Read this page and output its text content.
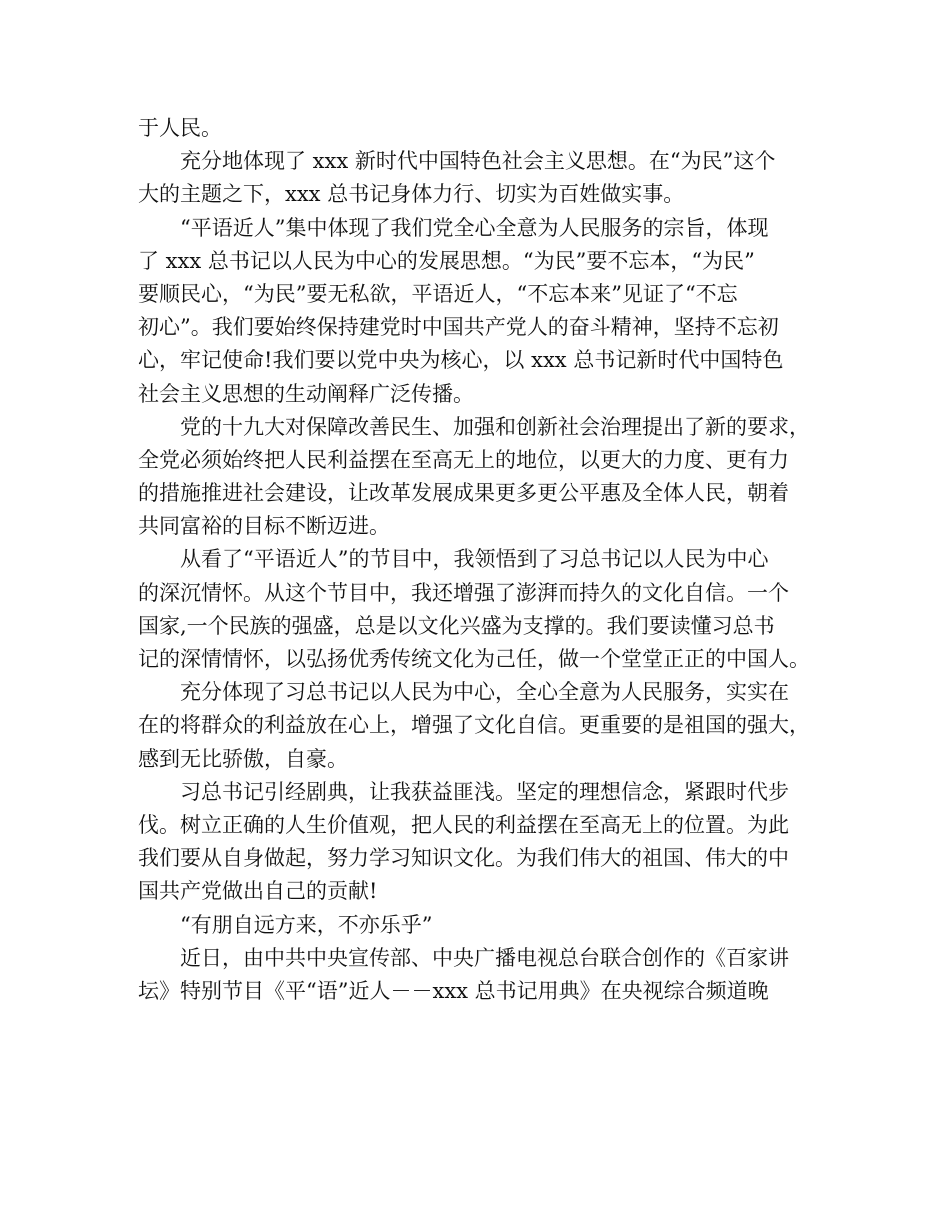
于人民。
充分地体现了 xxx 新时代中国特色社会主义思想。在“为民”这个
大的主题之下，xxx 总书记身体力行、切实为百姓做实事。
“平语近人”集中体现了我们党全心全意为人民服务的宗旨，体现
了 xxx 总书记以人民为中心的发展思想。“为民”要不忘本，“为民”
要顺民心，“为民”要无私欲，平语近人，“不忘本来”见证了“不忘
初心”。我们要始终保持建党时中国共产党人的奋斗精神，坚持不忘初
心，牢记使命!我们要以党中央为核心，以 xxx 总书记新时代中国特色
社会主义思想的生动阐释广泛传播。
党的十九大对保障改善民生、加强和创新社会治理提出了新的要求，
全党必须始终把人民利益摆在至高无上的地位，以更大的力度、更有力
的措施推进社会建设，让改革发展成果更多更公平惠及全体人民，朝着
共同富裕的目标不断迈进。
从看了“平语近人”的节目中，我领悟到了习总书记以人民为中心
的深沉情怀。从这个节目中，我还增强了澎湃而持久的文化自信。一个
国家,一个民族的强盛，总是以文化兴盛为支撑的。我们要读懂习总书
记的深情情怀，以弘扬优秀传统文化为己任，做一个堂堂正正的中国人。
充分体现了习总书记以人民为中心，全心全意为人民服务，实实在
在的将群众的利益放在心上，增强了文化自信。更重要的是祖国的强大，
感到无比骄傲，自豪。
习总书记引经剧典，让我获益匪浅。坚定的理想信念，紧跟时代步
伐。树立正确的人生价值观，把人民的利益摆在至高无上的位置。为此
我们要从自身做起，努力学习知识文化。为我们伟大的祖国、伟大的中
国共产党做出自己的贡献!
“有朋自远方来，不亦乐乎”
近日，由中共中央宣传部、中央广播电视总台联合创作的《百家讲
坛》特别节目《平“语”近人－－xxx 总书记用典》在央视综合频道晚
